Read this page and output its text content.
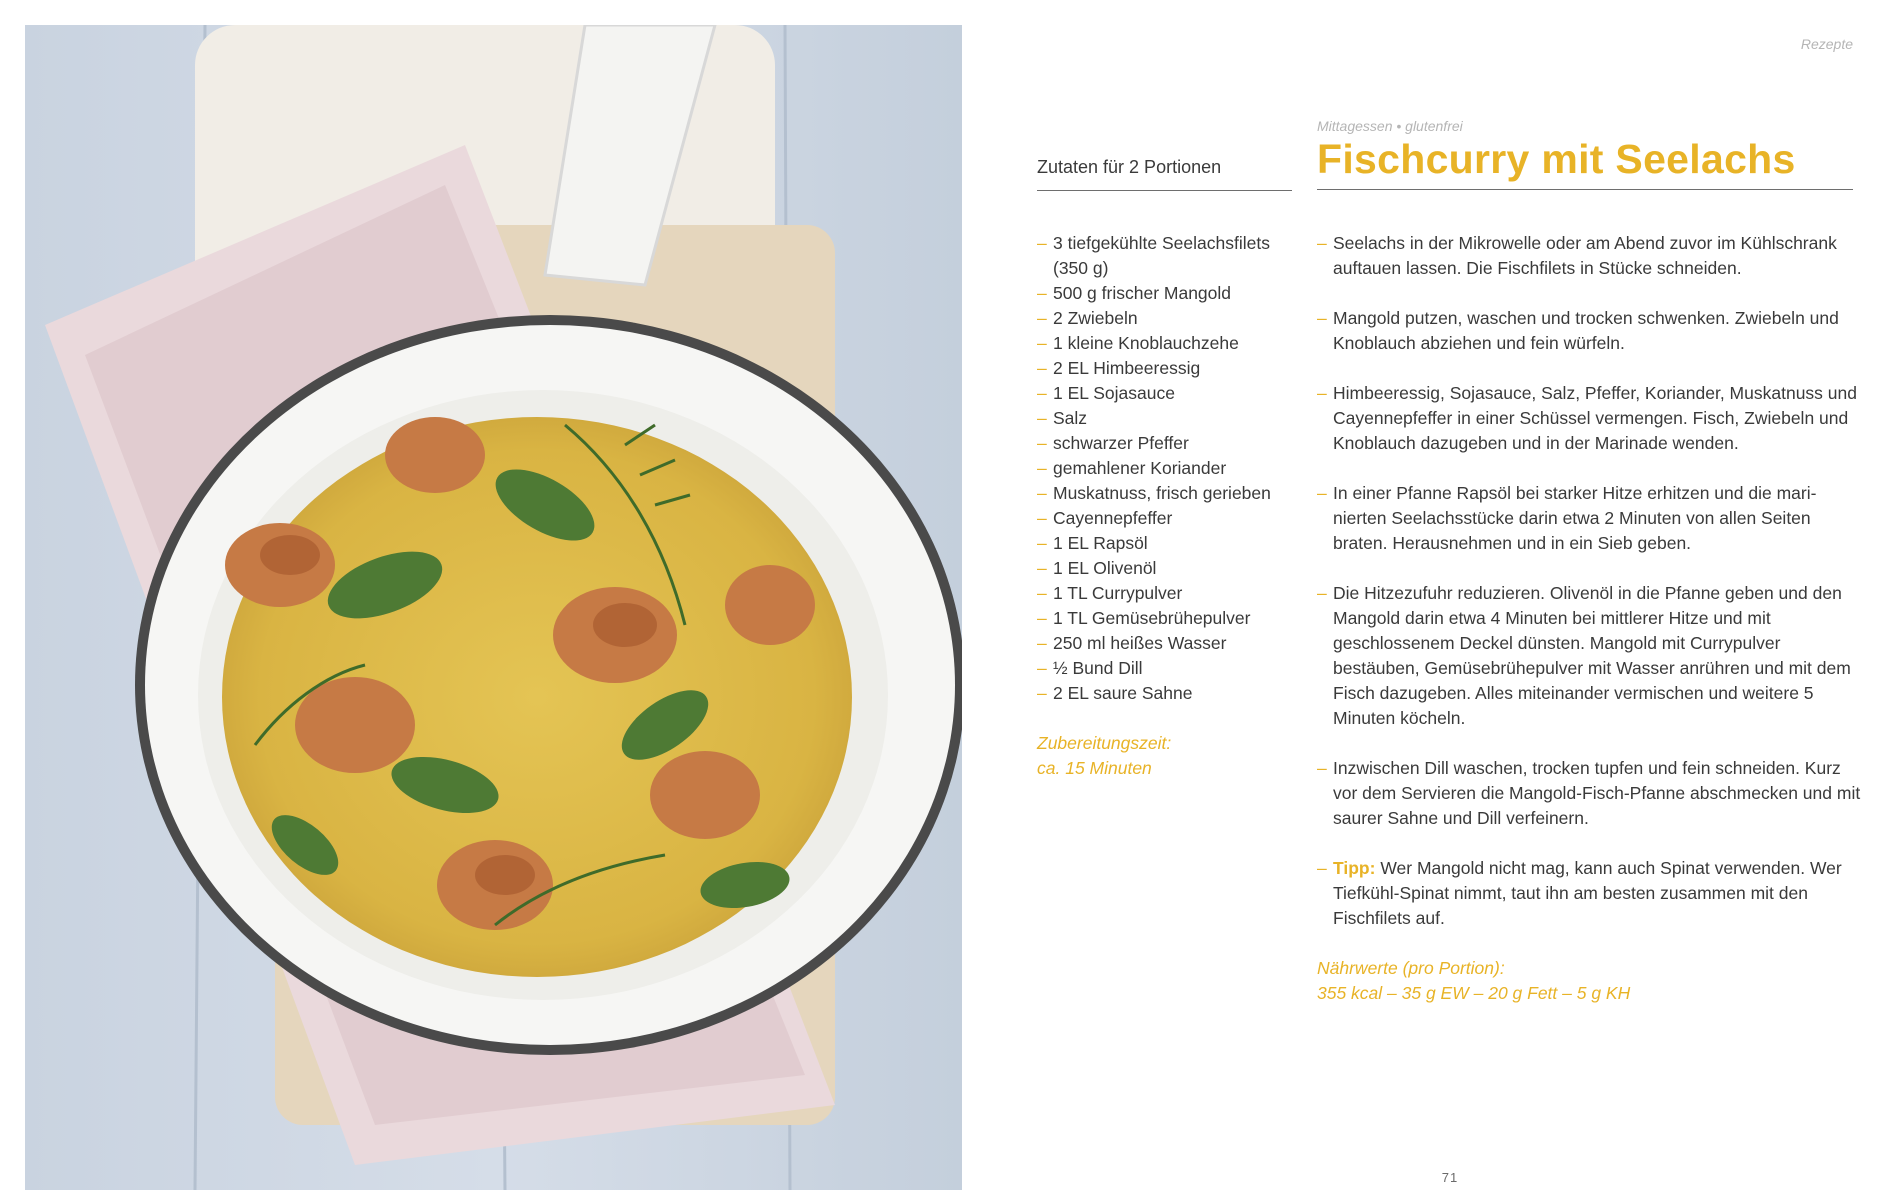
Rezepte
Zutaten für 2 Portionen
Mittagessen • glutenfrei
Fischcurry mit Seelachs
– 3 tiefgekühlte Seelachsfilets (350 g)
– 500 g frischer Mangold
– 2 Zwiebeln
– 1 kleine Knoblauchzehe
– 2 EL Himbeeressig
– 1 EL Sojasauce
– Salz
– schwarzer Pfeffer
– gemahlener Koriander
– Muskatnuss, frisch gerieben
– Cayennepfeffer
– 1 EL Rapsöl
– 1 EL Olivenöl
– 1 TL Currypulver
– 1 TL Gemüsebrühepulver
– 250 ml heißes Wasser
– ½ Bund Dill
– 2 EL saure Sahne
Zubereitungszeit:
ca. 15 Minuten

– Seelachs in der Mikrowelle oder am Abend zuvor im Kühlschrank auftauen lassen. Die Fischfilets in Stücke schneiden.

– Mangold putzen, waschen und trocken schwenken. Zwiebeln und Knoblauch abziehen und fein würfeln.

– Himbeeressig, Sojasauce, Salz, Pfeffer, Koriander, Muskatnuss und Cayennepfeffer in einer Schüssel vermengen. Fisch, Zwiebeln und Knoblauch dazugeben und in der Marinade wenden.

– In einer Pfanne Rapsöl bei starker Hitze erhitzen und die marinierten Seelachsstücke darin etwa 2 Minuten von allen Seiten braten. Herausnehmen und in ein Sieb geben.

– Die Hitzezufuhr reduzieren. Olivenöl in die Pfanne geben und den Mangold darin etwa 4 Minuten bei mittlerer Hitze und mit geschlossenem Deckel dünsten. Mangold mit Currypulver bestäuben, Gemüsebrühepulver mit Wasser anrühren und mit dem Fisch dazugeben. Alles miteinander vermischen und weitere 5 Minuten köcheln.

– Inzwischen Dill waschen, trocken tupfen und fein schneiden. Kurz vor dem Servieren die Mangold-Fisch-Pfanne abschmecken und mit saurer Sahne und Dill verfeinern.

– Tipp: Wer Mangold nicht mag, kann auch Spinat verwenden. Wer Tiefkühl-Spinat nimmt, taut ihn am besten zusammen mit den Fischfilets auf.

Nährwerte (pro Portion):
355 kcal – 35 g EW – 20 g Fett – 5 g KH
71
